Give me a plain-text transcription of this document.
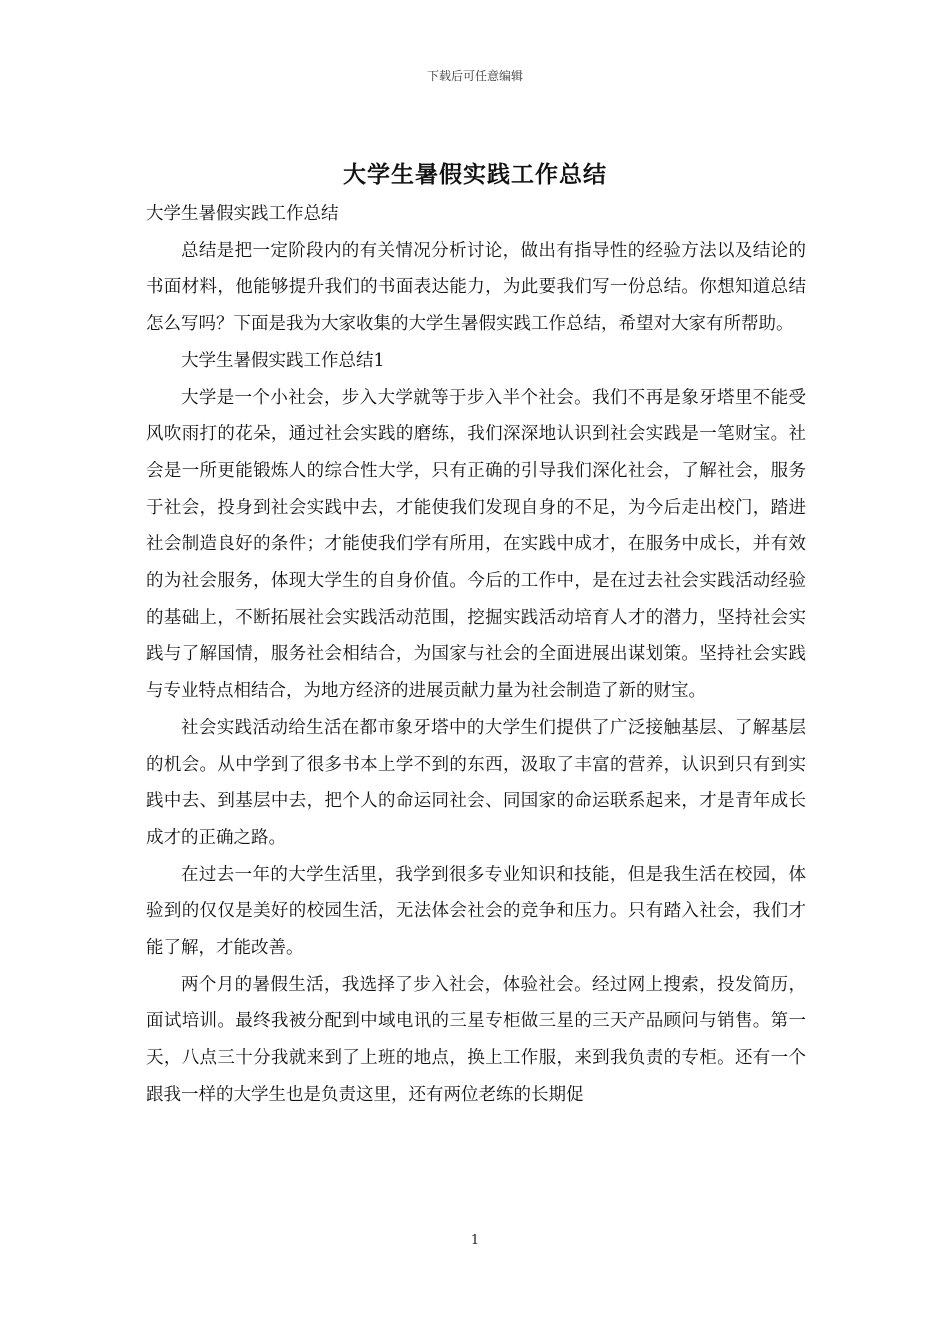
下载后可任意编辑
大学生暑假实践工作总结

大学生暑假实践工作总结

总结是把一定阶段内的有关情况分析讨论，做出有指导性的经验方法以及结论的书面材料，他能够提升我们的书面表达能力，为此要我们写一份总结。你想知道总结怎么写吗？下面是我为大家收集的大学生暑假实践工作总结，希望对大家有所帮助。

大学生暑假实践工作总结1

大学是一个小社会，步入大学就等于步入半个社会。我们不再是象牙塔里不能受风吹雨打的花朵，通过社会实践的磨练，我们深深地认识到社会实践是一笔财宝。社会是一所更能锻炼人的综合性大学，只有正确的引导我们深化社会，了解社会，服务于社会，投身到社会实践中去，才能使我们发现自身的不足，为今后走出校门，踏进社会制造良好的条件；才能使我们学有所用，在实践中成才，在服务中成长，并有效的为社会服务，体现大学生的自身价值。今后的工作中，是在过去社会实践活动经验的基础上，不断拓展社会实践活动范围，挖掘实践活动培育人才的潜力，坚持社会实践与了解国情，服务社会相结合，为国家与社会的全面进展出谋划策。坚持社会实践与专业特点相结合，为地方经济的进展贡献力量为社会制造了新的财宝。

社会实践活动给生活在都市象牙塔中的大学生们提供了广泛接触基层、了解基层的机会。从中学到了很多书本上学不到的东西，汲取了丰富的营养，认识到只有到实践中去、到基层中去，把个人的命运同社会、同国家的命运联系起来，才是青年成长成才的正确之路。

在过去一年的大学生活里，我学到很多专业知识和技能，但是我生活在校园，体验到的仅仅是美好的校园生活，无法体会社会的竞争和压力。只有踏入社会，我们才能了解，才能改善。

两个月的暑假生活，我选择了步入社会，体验社会。经过网上搜索，投发简历，面试培训。最终我被分配到中域电讯的三星专柜做三星的三天产品顾问与销售。第一天，八点三十分我就来到了上班的地点，换上工作服，来到我负责的专柜。还有一个跟我一样的大学生也是负责这里，还有两位老练的长期促

1
